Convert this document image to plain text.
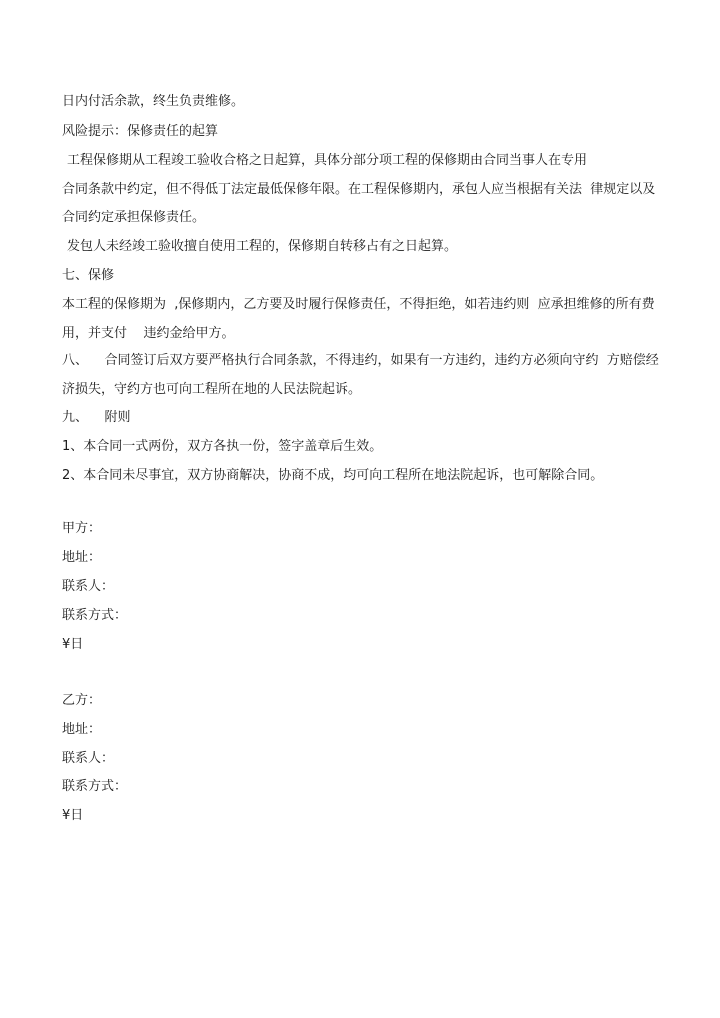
日内付活余款，终生负责维修。
风险提示：保修责任的起算
工程保修期从工程竣工验收合格之日起算，具体分部分项工程的保修期由合同当事人在专用
合同条款中约定，但不得低丁法定最低保修年限。在工程保修期内，承包人应当根据有关法  律规定以及
合同约定承担保修责任。
发包人未经竣工验收擅自使用工程的，保修期自转移占有之日起算。
七、保修
本工程的保修期为  ,保修期内，乙方要及时履行保修责任，不得拒绝，如若违约则  应承担维修的所有费
用，并支付    违约金给甲方。
八、    合同签订后双方要严格执行合同条款，不得违约，如果有一方违约，违约方必须向守约  方赔偿经
济损失，守约方也可向工程所在地的人民法院起诉。
九、    附则
1、本合同一式两份，双方各执一份，签字盖章后生效。
2、本合同未尽事宜，双方协商解决，协商不成，均可向工程所在地法院起诉，也可解除合同。
甲方：
地址：
联系人：
联系方式：
¥日
乙方：
地址：
联系人：
联系方式：
¥日
